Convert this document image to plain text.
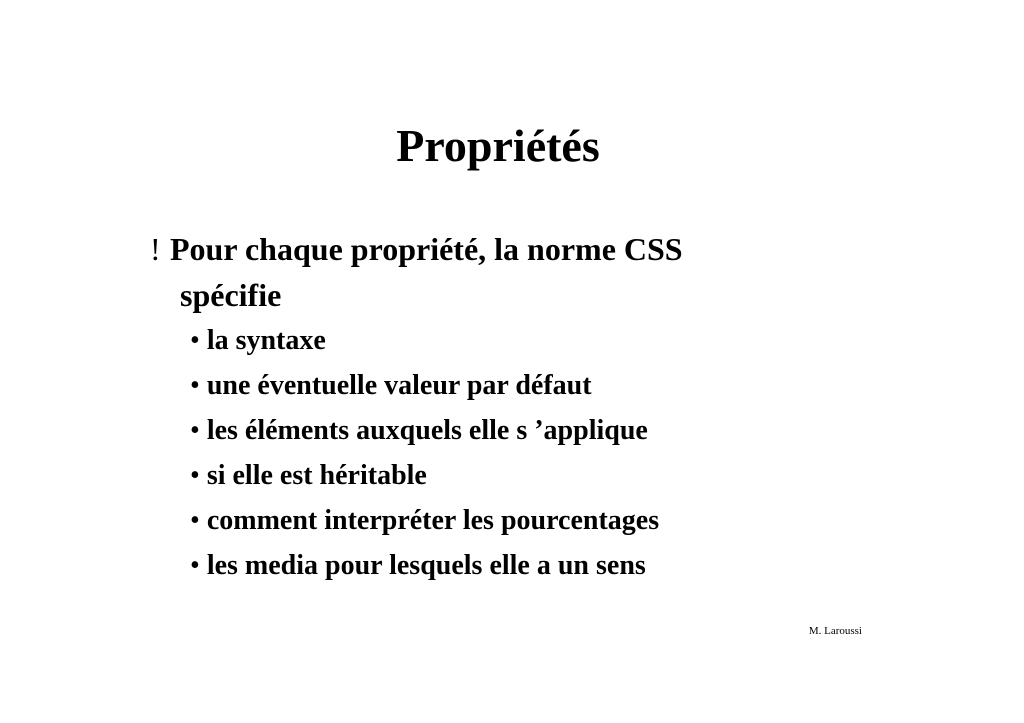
Propriétés
! Pour chaque propriété, la norme CSS
spécifie
• la syntaxe
• une éventuelle valeur par défaut
• les éléments auxquels elle s ’applique
• si elle est héritable
• comment interpréter les pourcentages
• les media pour lesquels elle a un sens
M. Laroussi
